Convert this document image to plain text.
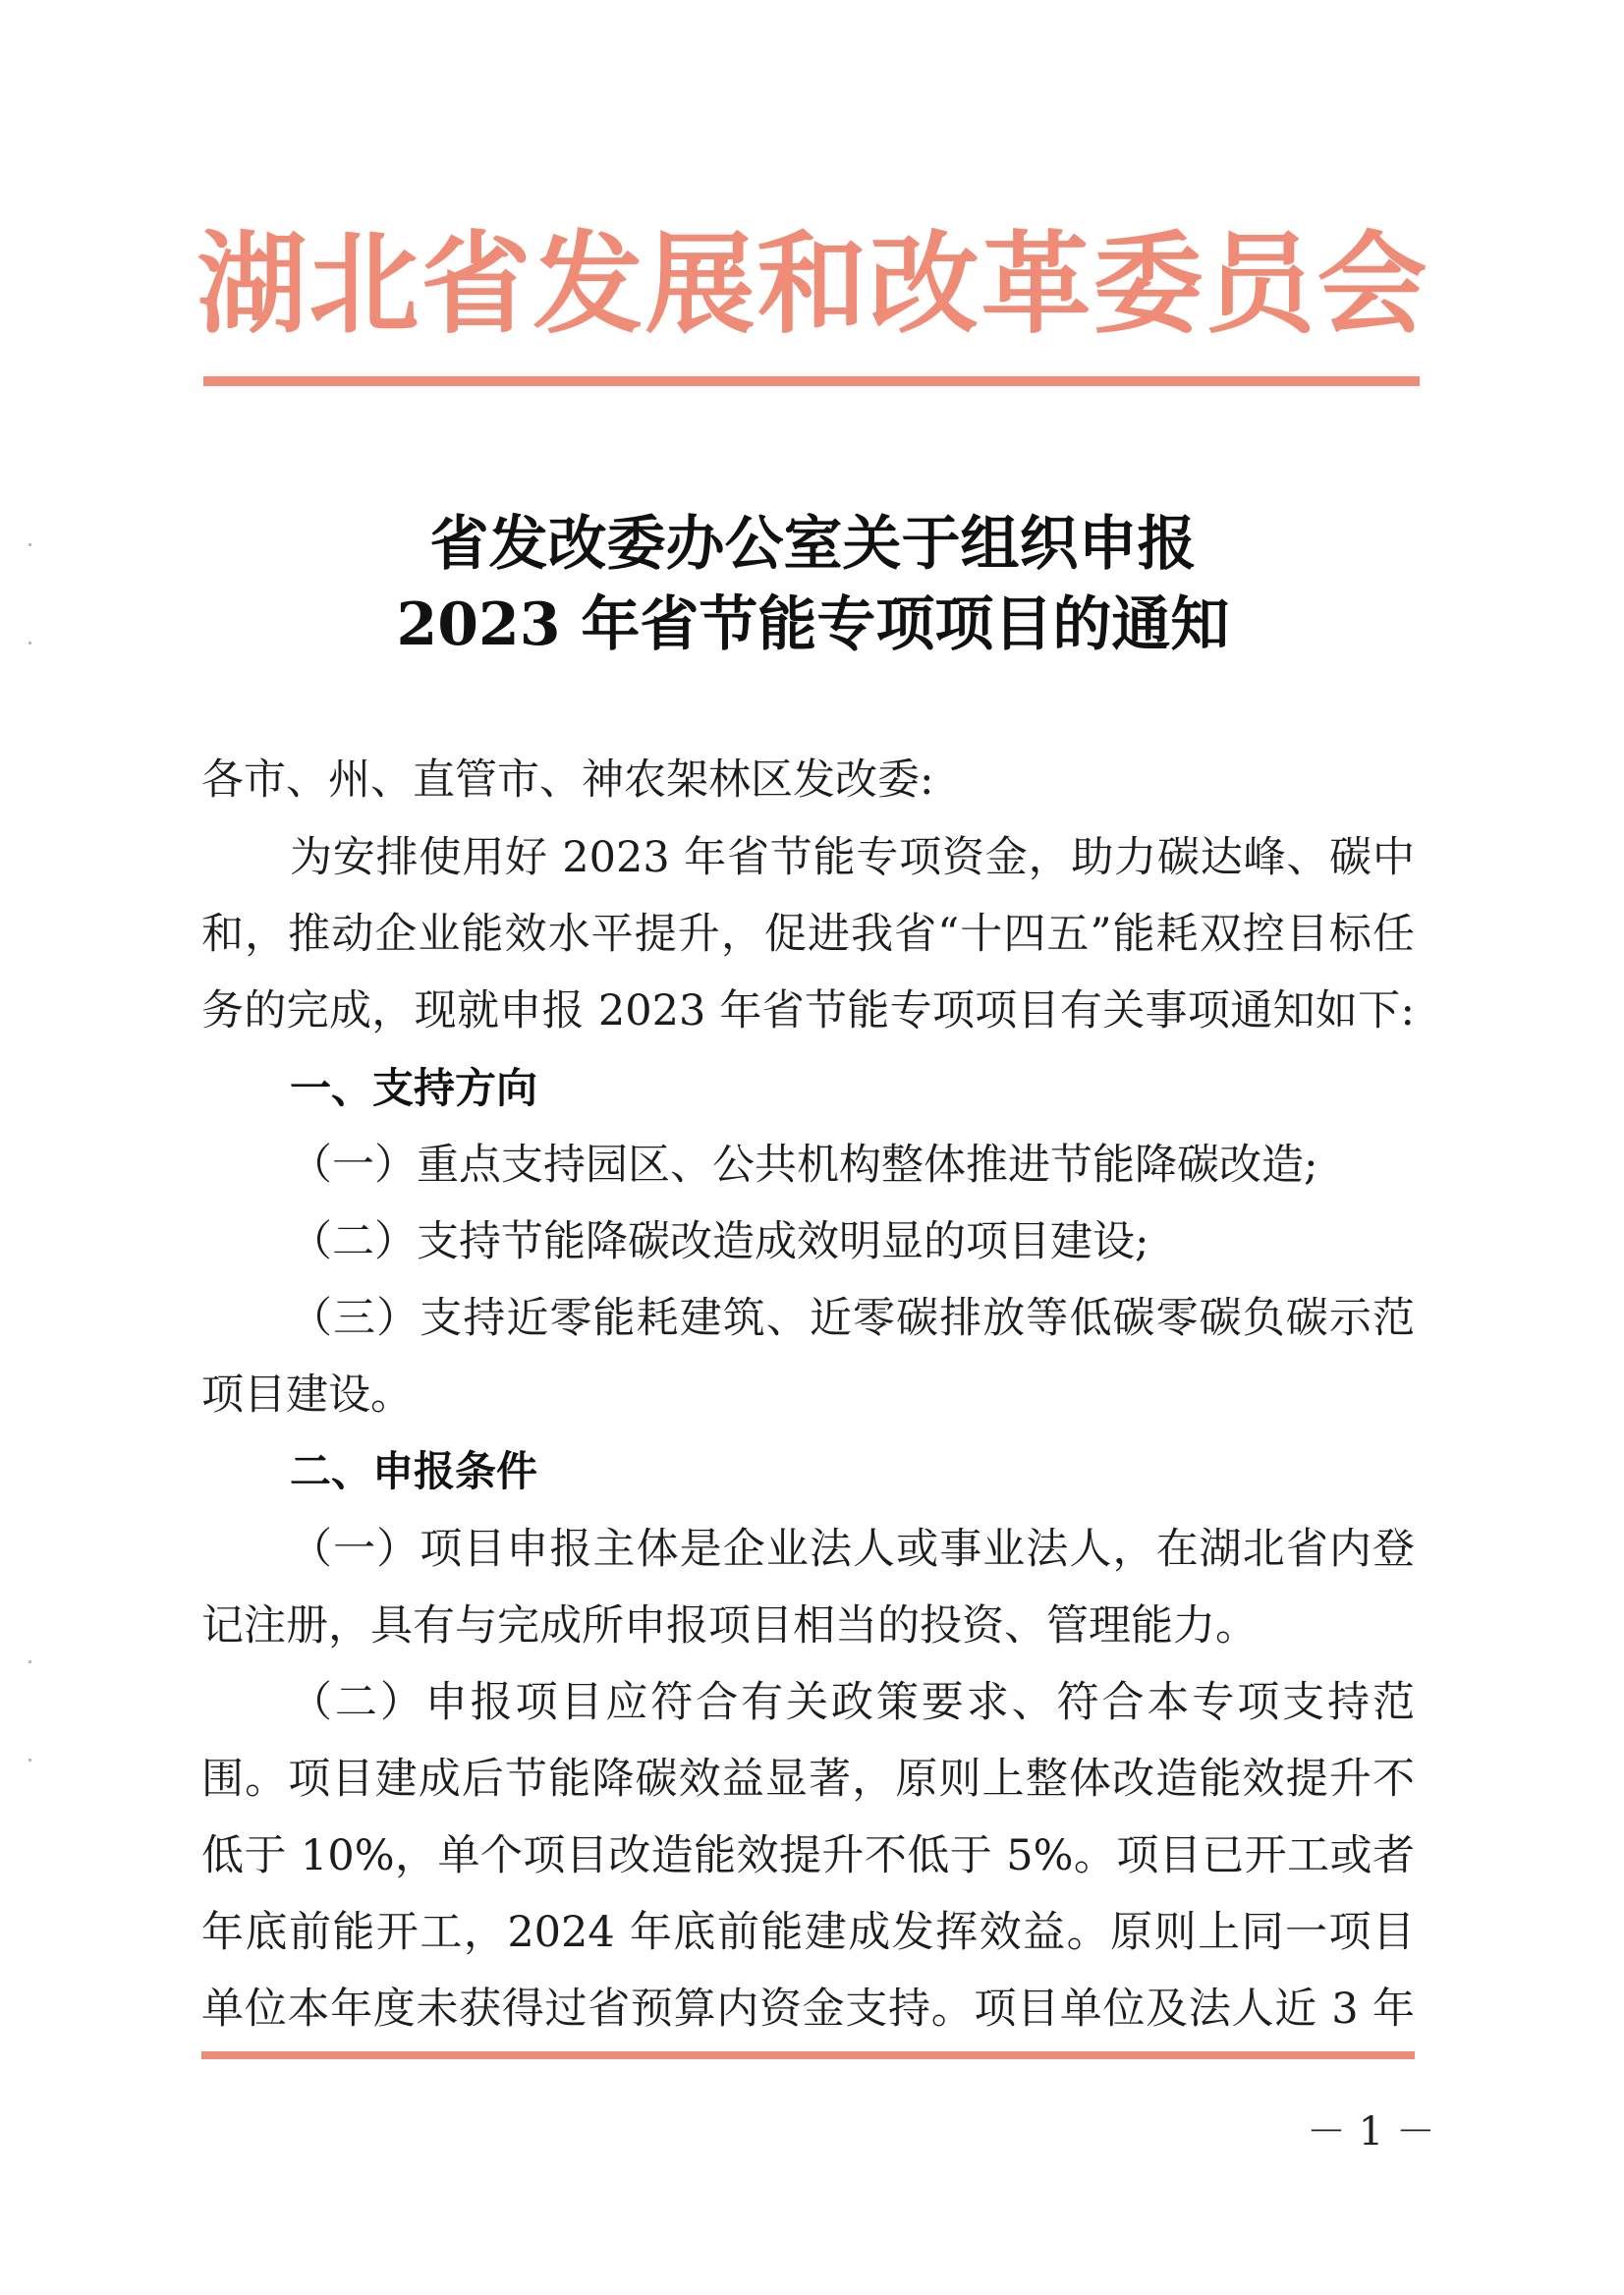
湖北省发展和改革委员会
省发改委办公室关于组织申报
2023 年省节能专项项目的通知
各市、州、直管市、神农架林区发改委:
为安排使用好 2023 年省节能专项资金，助力碳达峰、碳中
和，推动企业能效水平提升，促进我省“十四五”能耗双控目标任
务的完成，现就申报 2023 年省节能专项项目有关事项通知如下:
一、支持方向
（一）重点支持园区、公共机构整体推进节能降碳改造;
（二）支持节能降碳改造成效明显的项目建设;
（三）支持近零能耗建筑、近零碳排放等低碳零碳负碳示范
项目建设。
二、申报条件
（一）项目申报主体是企业法人或事业法人，在湖北省内登
记注册，具有与完成所申报项目相当的投资、管理能力。
（二）申报项目应符合有关政策要求、符合本专项支持范
围。项目建成后节能降碳效益显著，原则上整体改造能效提升不
低于 10%，单个项目改造能效提升不低于 5%。项目已开工或者
年底前能开工，2024 年底前能建成发挥效益。原则上同一项目
单位本年度未获得过省预算内资金支持。项目单位及法人近 3 年
－ 1 －
